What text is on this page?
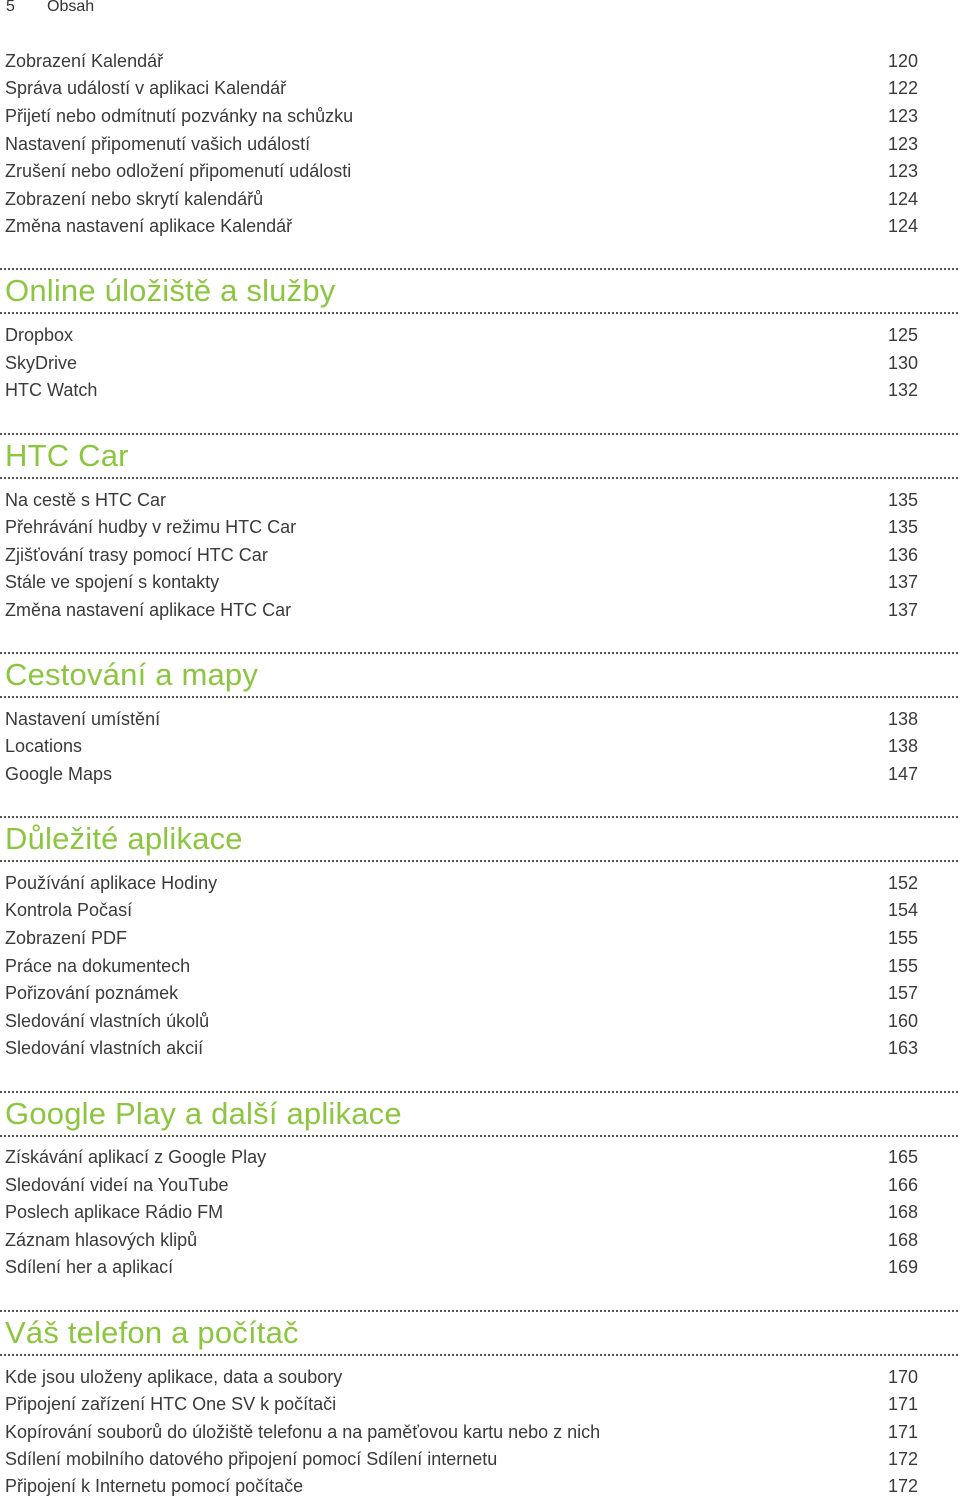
5 Obsah
Zobrazení Kalendář	120
Správa událostí v aplikaci Kalendář	122
Přijetí nebo odmítnutí pozvánky na schůzku	123
Nastavení připomenutí vašich událostí	123
Zrušení nebo odložení připomenutí události	123
Zobrazení nebo skrytí kalendářů	124
Změna nastavení aplikace Kalendář	124
Online úložiště a služby
Dropbox	125
SkyDrive	130
HTC Watch	132
HTC Car
Na cestě s HTC Car	135
Přehrávání hudby v režimu HTC Car	135
Zjišťování trasy pomocí HTC Car	136
Stále ve spojení s kontakty	137
Změna nastavení aplikace HTC Car	137
Cestování a mapy
Nastavení umístění	138
Locations	138
Google Maps	147
Důležité aplikace
Používání aplikace Hodiny	152
Kontrola Počasí	154
Zobrazení PDF	155
Práce na dokumentech	155
Pořizování poznámek	157
Sledování vlastních úkolů	160
Sledování vlastních akcií	163
Google Play a další aplikace
Získávání aplikací z Google Play	165
Sledování videí na YouTube	166
Poslech aplikace Rádio FM	168
Záznam hlasových klipů	168
Sdílení her a aplikací	169
Váš telefon a počítač
Kde jsou uloženy aplikace, data a soubory	170
Připojení zařízení HTC One SV k počítači	171
Kopírování souborů do úložiště telefonu a na paměťovou kartu nebo z nich	171
Sdílení mobilního datového připojení pomocí Sdílení internetu	172
Připojení k Internetu pomocí počítače	172
